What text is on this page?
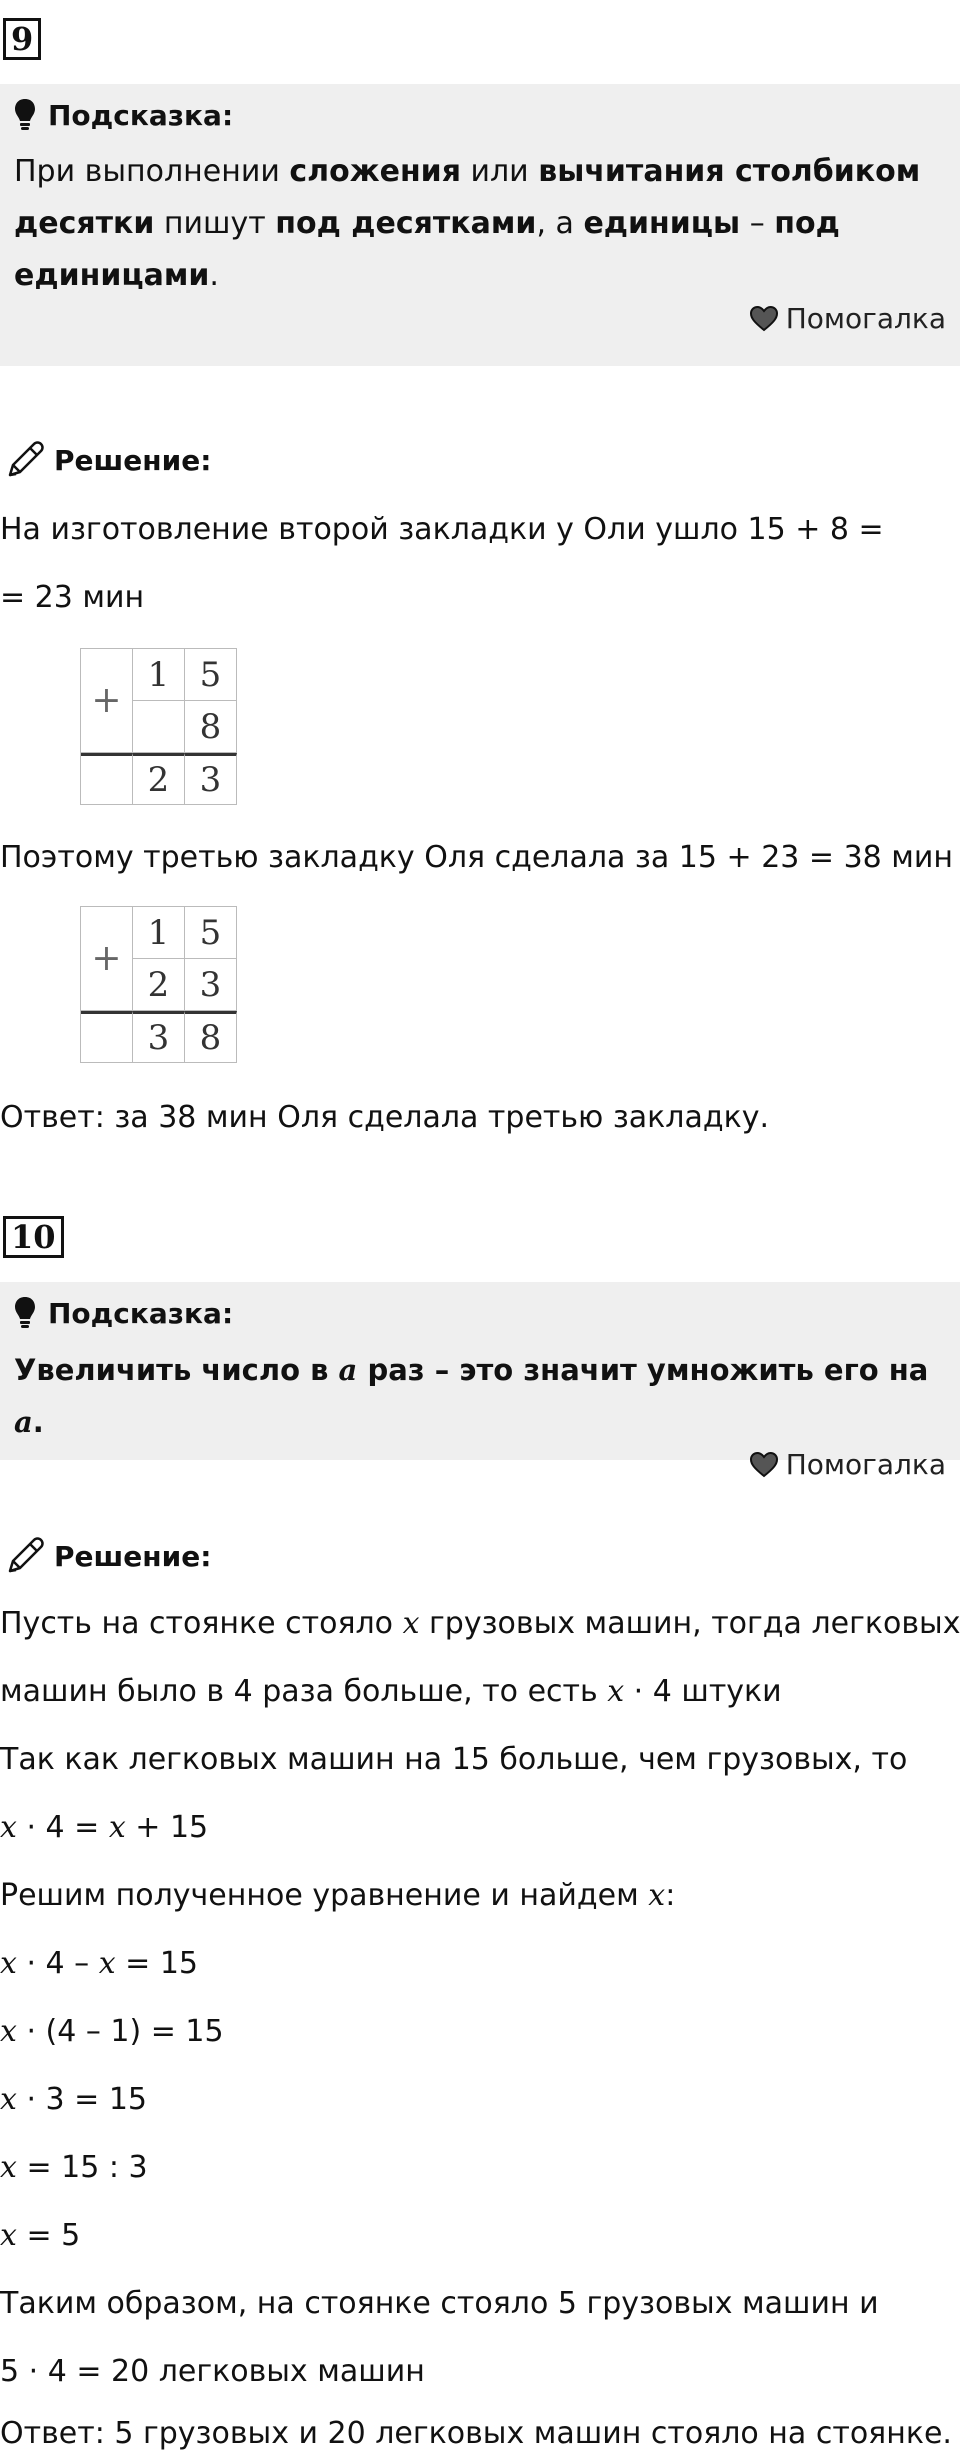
9
Подсказка:
При выполнении сложения или вычитания столбиком десятки пишут под десятками, а единицы – под единицами.
Помогалка
Решение:
На изготовление второй закладки у Оли ушло 15 + 8 =
= 23 мин
+
1 5
8
2 3
Поэтому третью закладку Оля сделала за 15 + 23 = 38 мин
+
1 5
2 3
3 8
Ответ: за 38 мин Оля сделала третью закладку.
10
Подсказка:
Увеличить число в a раз – это значит умножить его на a.
Помогалка
Решение:
Пусть на стоянке стояло x грузовых машин, тогда легковых
машин было в 4 раза больше, то есть x · 4 штуки
Так как легковых машин на 15 больше, чем грузовых, то
x · 4 = x + 15
Решим полученное уравнение и найдем x:
x · 4 – x = 15
x · (4 – 1) = 15
x · 3 = 15
x = 15 : 3
x = 5
Таким образом, на стоянке стояло 5 грузовых машин и
5 · 4 = 20 легковых машин
Ответ: 5 грузовых и 20 легковых машин стояло на стоянке.
